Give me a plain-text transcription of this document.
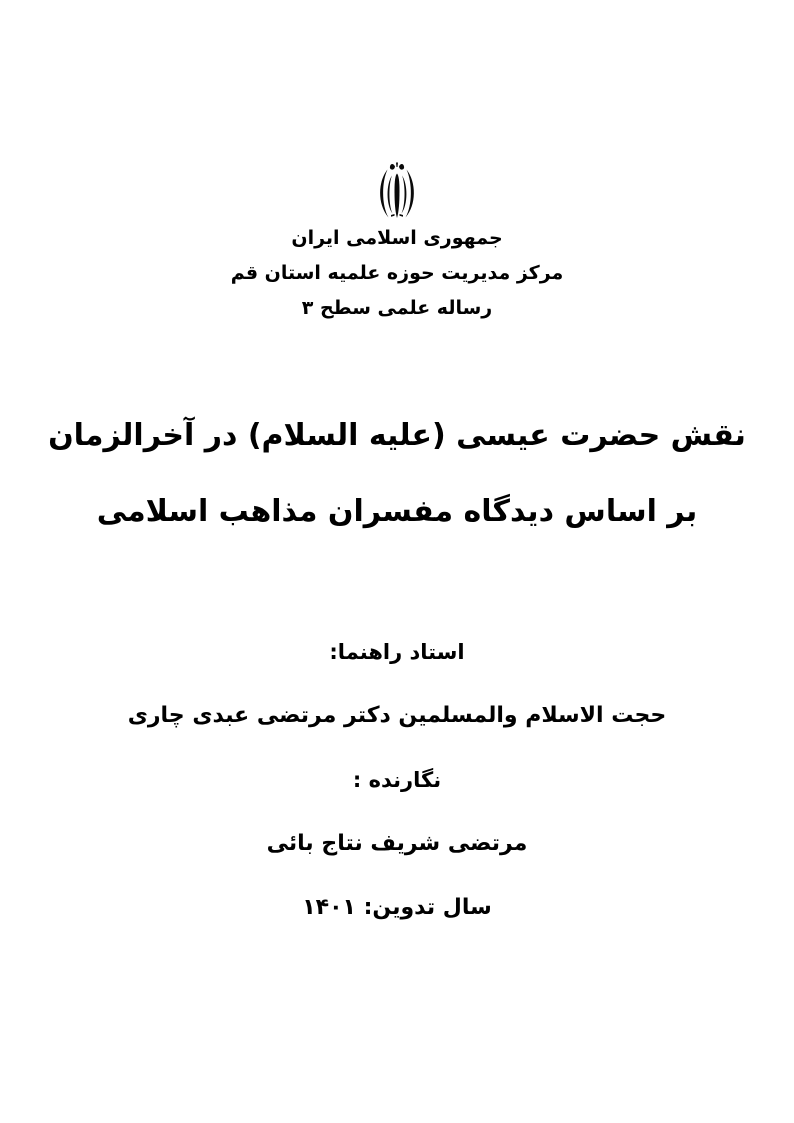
جمهوری اسلامی ایران
مرکز مدیریت حوزه علمیه استان قم
رساله علمی سطح ۳
نقش حضرت عیسی (علیه السلام) در آخرالزمان
بر اساس دیدگاه مفسران مذاهب اسلامی
استاد راهنما:
حجت الاسلام والمسلمین دکتر مرتضی عبدی چاری
نگارنده :
مرتضی شریف نتاج بائی
سال تدوین: ۱۴۰۱
